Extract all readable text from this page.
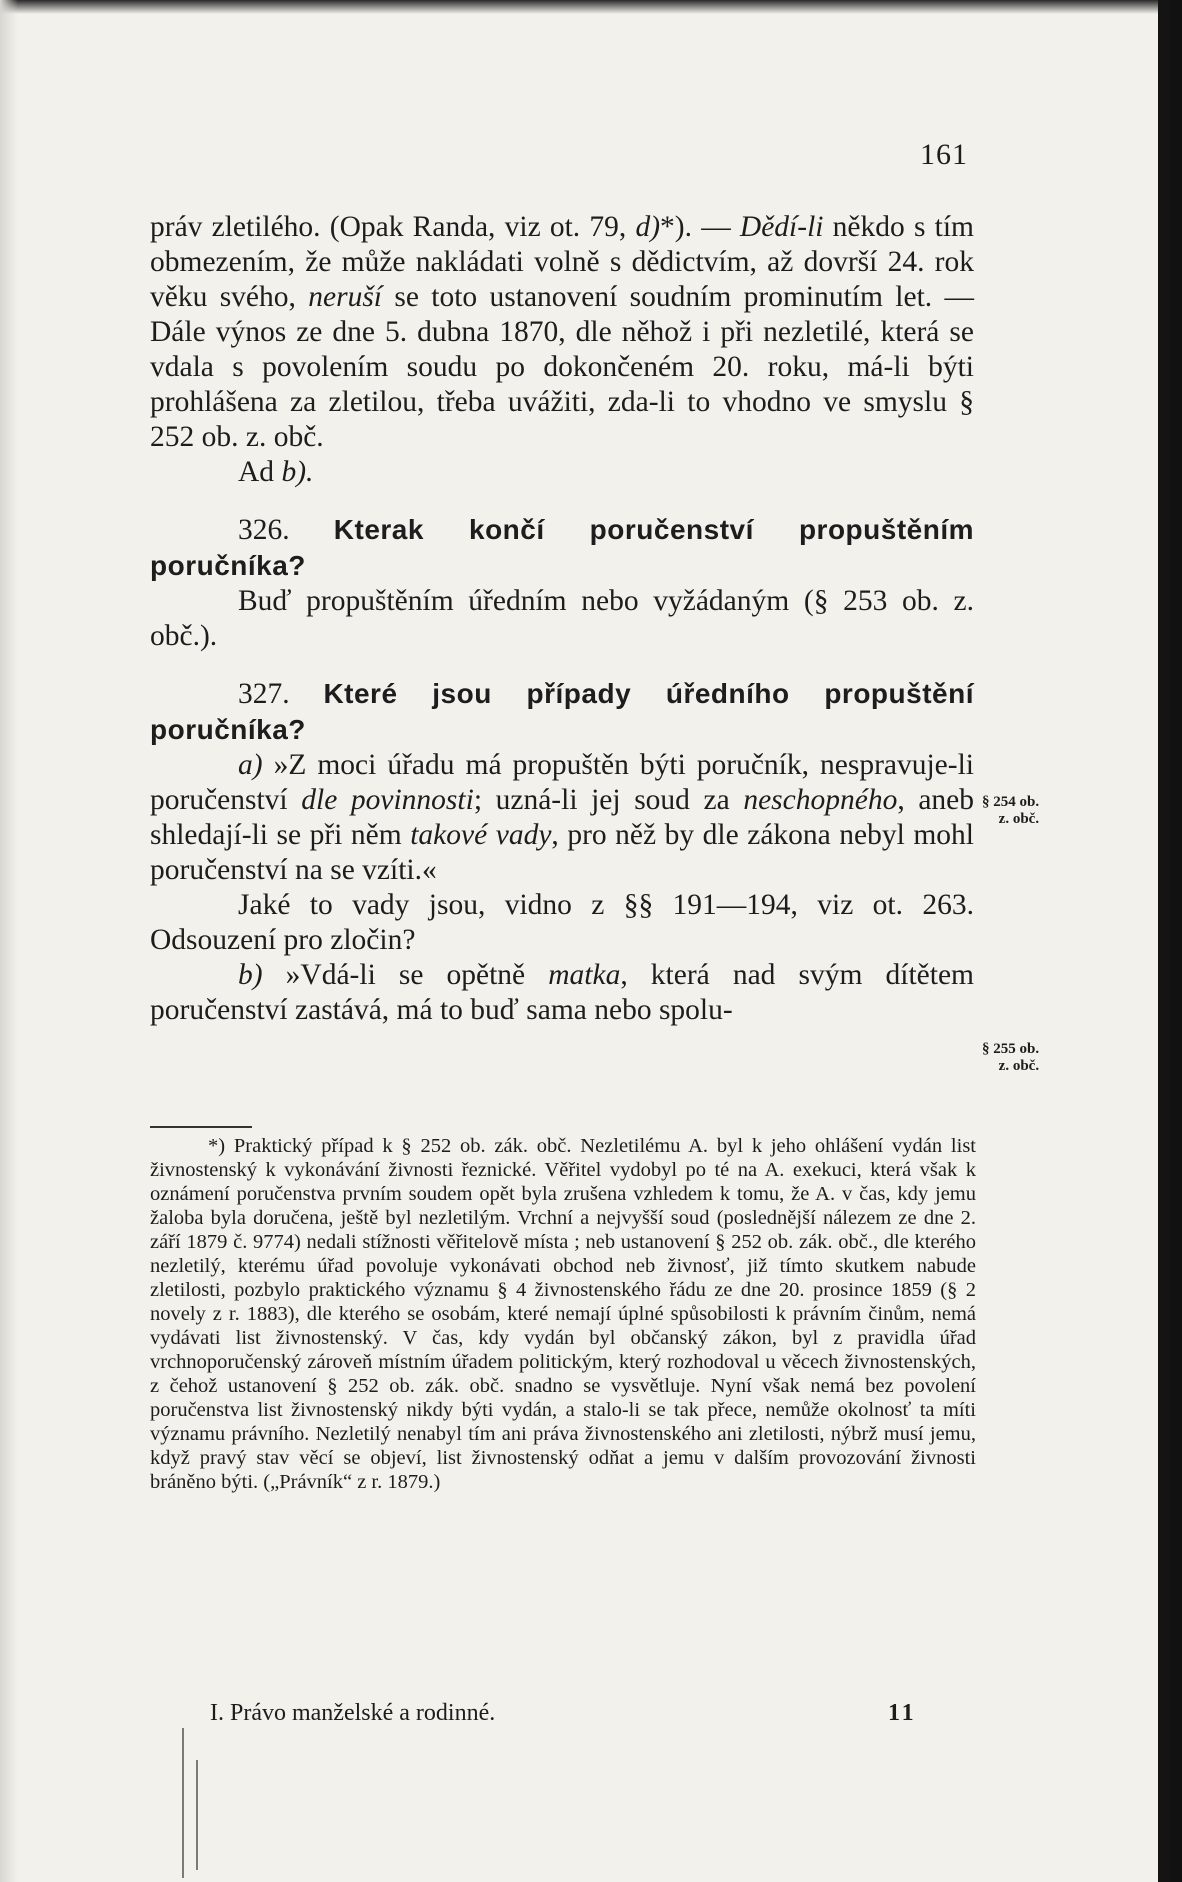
161

práv zletilého. (Opak Randa, viz ot. 79, d)*). — Dědí-li někdo s tím obmezením, že může nakládati volně s dědictvím, až dovrší 24. rok věku svého, neruší se toto ustanovení soudním prominutím let. — Dále výnos ze dne 5. dubna 1870, dle něhož i při nezletilé, která se vdala s povolením soudu po dokončeném 20. roku, má-li býti prohlášena za zletilou, třeba uvážiti, zda-li to vhodno ve smyslu § 252 ob. z. obč.

Ad b).

326. Kterak končí poručenství propuštěním poručníka?

Buď propuštěním úředním nebo vyžádaným (§ 253 ob. z. obč.).

327. Které jsou případy úředního propuštění poručníka?

a) »Z moci úřadu má propuštěn býti poručník, nespravuje-li poručenství dle povinnosti; uzná-li jej soud za neschopného, aneb shledají-li se při něm takové vady, pro něž by dle zákona nebyl mohl poručenství na se vzíti.«

Jaké to vady jsou, vidno z §§ 191—194, viz ot. 263. Odsouzení pro zločin?

b) »Vdá-li se opětně matka, která nad svým dítětem poručenství zastává, má to buď sama nebo spolu-

§ 254 ob.
z. obč.
§ 255 ob.
z. obč.

*) Praktický případ k § 252 ob. zák. obč. Nezletilému A. byl k jeho ohlášení vydán list živnostenský k vykonávání živnosti řeznické. Věřitel vydobyl po té na A. exekuci, která však k oznámení poručenstva prvním soudem opět byla zrušena vzhledem k tomu, že A. v čas, kdy jemu žaloba byla doručena, ještě byl nezletilým. Vrchní a nejvyšší soud (poslednější nálezem ze dne 2. září 1879 č. 9774) nedali stížnosti věřitelově místa ; neb ustanovení § 252 ob. zák. obč., dle kterého nezletilý, kterému úřad povoluje vykonávati obchod neb živnosť, již tímto skutkem nabude zletilosti, pozbylo praktického významu § 4 živnostenského řádu ze dne 20. prosince 1859 (§ 2 novely z r. 1883), dle kterého se osobám, které nemají úplné spůsobilosti k právním činům, nemá vydávati list živnostenský. V čas, kdy vydán byl občanský zákon, byl z pravidla úřad vrchnoporučenský zároveň místním úřadem politickým, který rozhodoval u věcech živnostenských, z čehož ustanovení § 252 ob. zák. obč. snadno se vysvětluje. Nyní však nemá bez povolení poručenstva list živnostenský nikdy býti vydán, a stalo-li se tak přece, nemůže okolnosť ta míti významu právního. Nezletilý nenabyl tím ani práva živnostenského ani zletilosti, nýbrž musí jemu, když pravý stav věcí se objeví, list živnostenský odňat a jemu v dalším provozování živnosti bráněno býti. („Právník“ z r. 1879.)

I. Právo manželské a rodinné.	11
